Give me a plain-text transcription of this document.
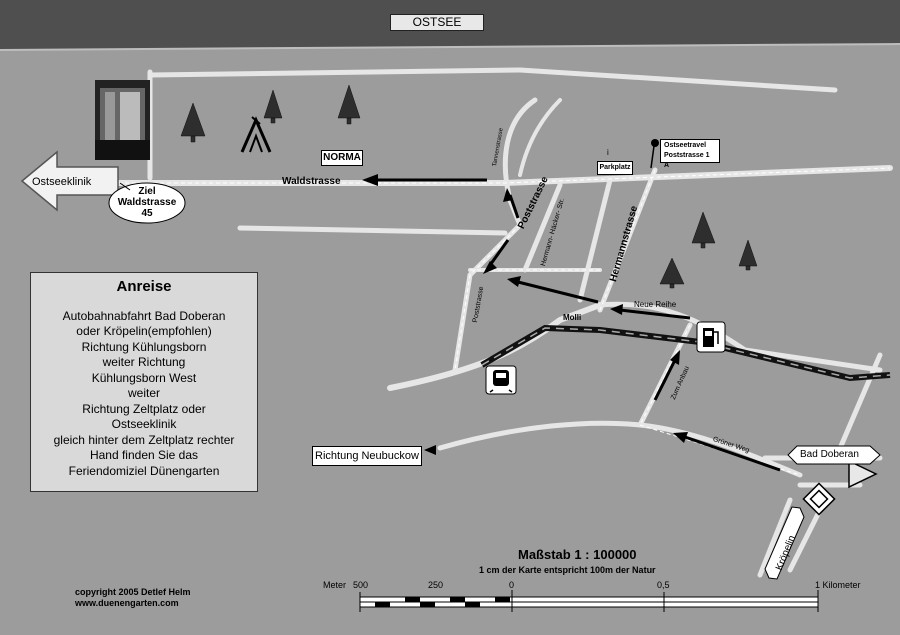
OSTSEE
Ostseeklinik
Ziel
Waldstrasse
45
Waldstrasse
NORMA	Tannenstrasse
Poststrasse
Poststrasse
Hermann- Häcker- Str.	Hermannstrasse
Parkplatz
i
Ostseetravel
Poststrasse 1 A
Neue Reihe
Molli
Zum Anbau
Grüner Weg
Richtung Neubuckow	Bad Doberan
Kröpelin
Anreise
Autobahnabfahrt Bad Doberan
oder Kröpelin(empfohlen)
Richtung Kühlungsborn
weiter Richtung
Kühlungsborn West
weiter
Richtung Zeltplatz oder
Ostseeklinik
gleich hinter dem Zeltplatz rechter
Hand finden Sie das
Feriendomiziel Dünengarten
Maßstab 1 : 100000
1 cm der Karte entspricht 100m der Natur
Meter 500	250	0	0,5	1 Kilometer
copyright 2005 Detlef Helm
www.duenengarten.com
